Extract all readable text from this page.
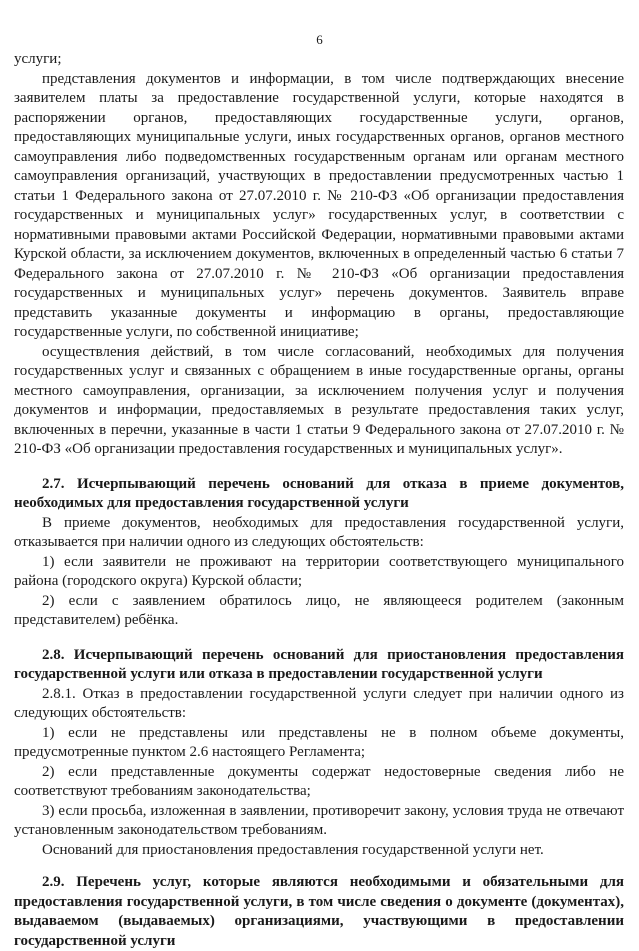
6

услуги;

представления документов и информации, в том числе подтверждающих внесение заявителем платы за предоставление государственной услуги, которые находятся в распоряжении органов, предоставляющих государственные услуги, органов, предоставляющих муниципальные услуги, иных государственных органов, органов местного самоуправления либо подведомственных государственным органам или органам местного самоуправления организаций, участвующих в предоставлении предусмотренных частью 1 статьи 1 Федерального закона от 27.07.2010 г. № 210-ФЗ «Об организации предоставления государственных и муниципальных услуг» государственных услуг, в соответствии с нормативными правовыми актами Российской Федерации, нормативными правовыми актами Курской области, за исключением документов, включенных в определенный частью 6 статьи 7 Федерального закона от 27.07.2010 г. № 210-ФЗ «Об организации предоставления государственных и муниципальных услуг» перечень документов. Заявитель вправе представить указанные документы и информацию в органы, предоставляющие государственные услуги, по собственной инициативе;

осуществления действий, в том числе согласований, необходимых для получения государственных услуг и связанных с обращением в иные государственные органы, органы местного самоуправления, организации, за исключением получения услуг и получения документов и информации, предоставляемых в результате предоставления таких услуг, включенных в перечни, указанные в части 1 статьи 9 Федерального закона от 27.07.2010 г. № 210-ФЗ «Об организации предоставления государственных и муниципальных услуг».

2.7. Исчерпывающий перечень оснований для отказа в приеме документов, необходимых для предоставления государственной услуги

В приеме документов, необходимых для предоставления государственной услуги, отказывается при наличии одного из следующих обстоятельств:

1) если заявители не проживают на территории соответствующего муниципального района (городского округа) Курской области;

2) если с заявлением обратилось лицо, не являющееся родителем (законным представителем) ребёнка.

2.8. Исчерпывающий перечень оснований для приостановления предоставления государственной услуги или отказа в предоставлении государственной услуги

2.8.1. Отказ в предоставлении государственной услуги следует при наличии одного из следующих обстоятельств:

1) если не представлены или представлены не в полном объеме документы, предусмотренные пунктом 2.6 настоящего Регламента;

2) если представленные документы содержат недостоверные сведения либо не соответствуют требованиям законодательства;

3) если просьба, изложенная в заявлении, противоречит закону, условия труда не отвечают установленным законодательством требованиям.

Оснований для приостановления предоставления государственной услуги нет.

2.9. Перечень услуг, которые являются необходимыми и обязательными для предоставления государственной услуги, в том числе сведения о документе (документах), выдаваемом (выдаваемых) организациями, участвующими в предоставлении государственной услуги
